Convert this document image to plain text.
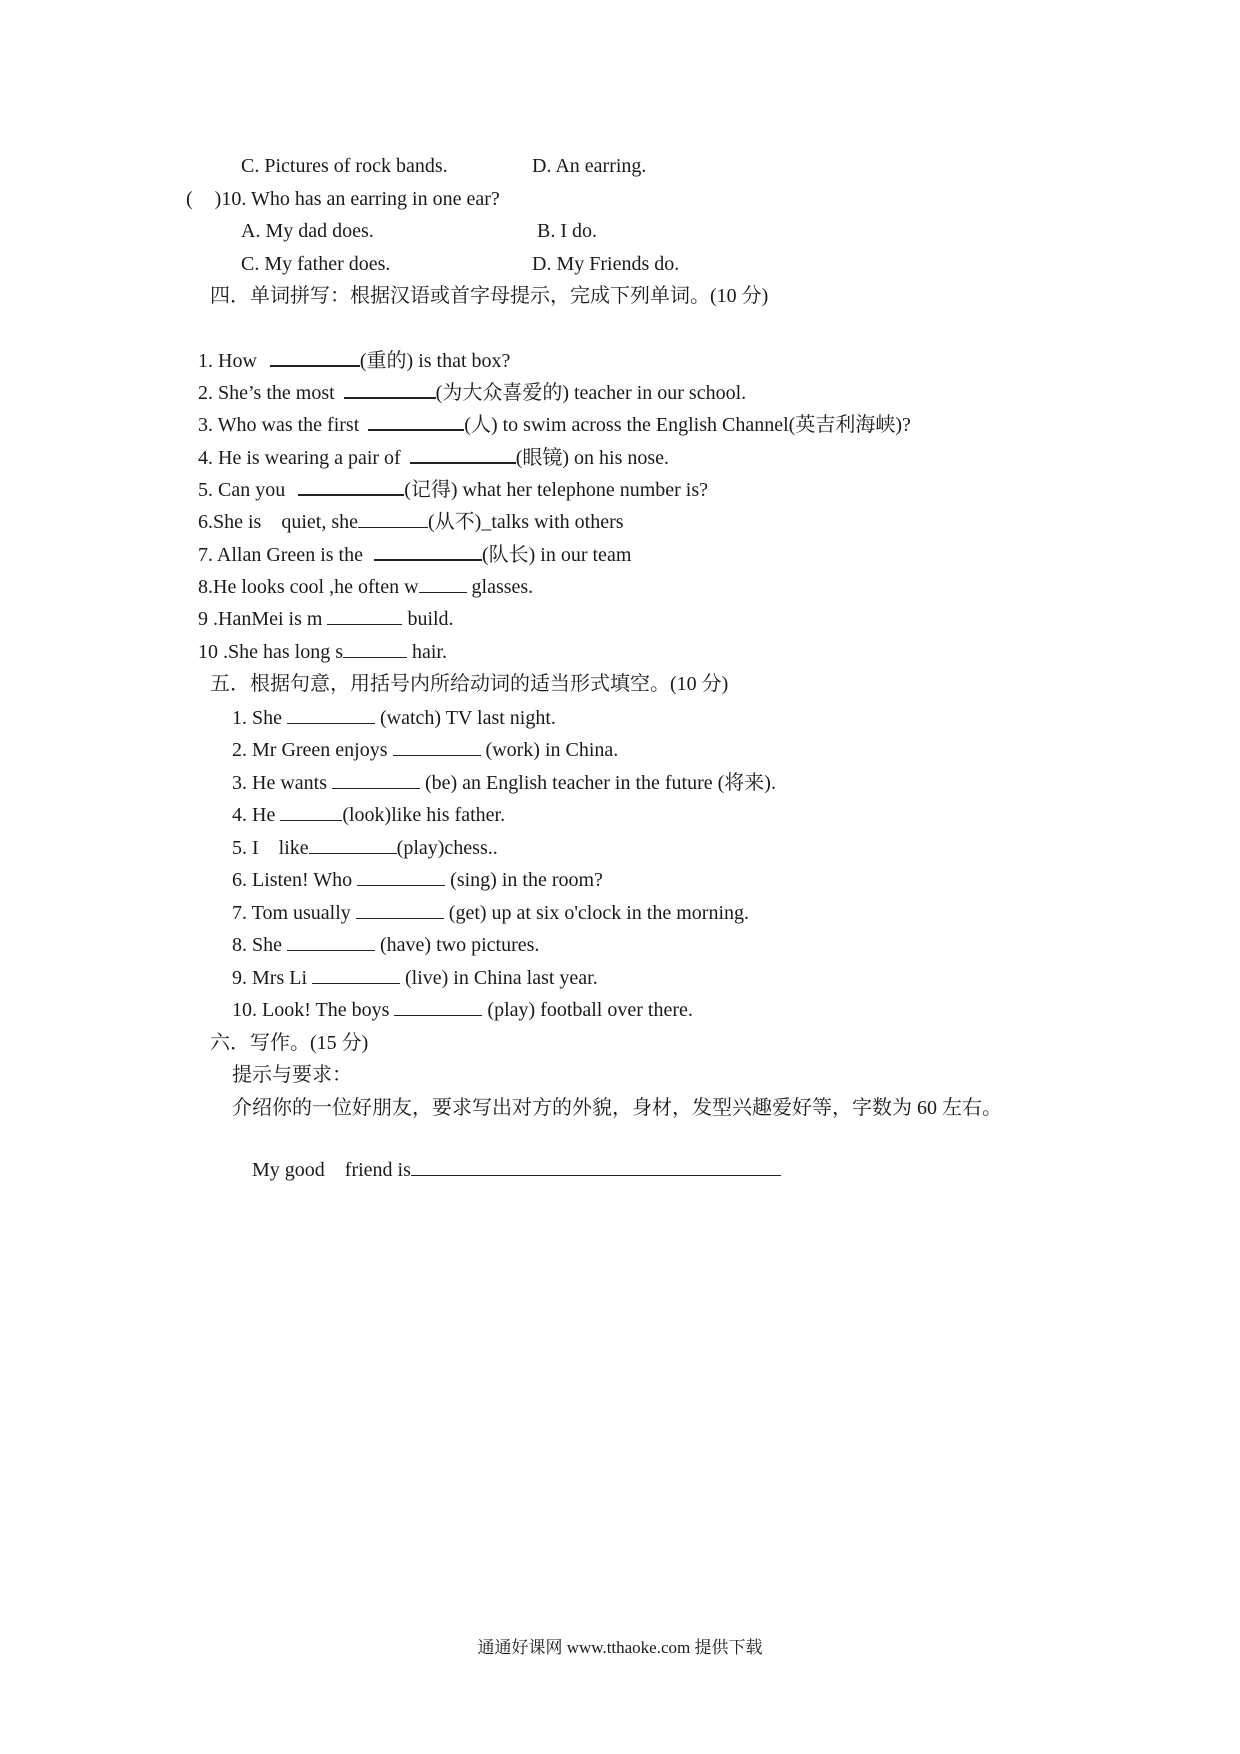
C. Pictures of rock bands.	D. An earring.
( )10. Who has an earring in one ear?
A. My dad does.	B. I do.
C. My father does.	D. My Friends do.
四．单词拼写：根据汉语或首字母提示，完成下列单词。(10 分)
1. How	(重的) is that box?
2. She’s the most	(为大众喜爱的) teacher in our school.
3. Who was the first	(人) to swim across the English Channel(英吉利海峡)?
4. He is wearing a pair of	(眼镜) on his nose.
5. Can you	(记得) what her telephone number is?
6.She is    quiet, she	(从不)_talks with others
7. Allan Green is the	(队长) in our team
8.He looks cool ,he often w glasses.
9 .HanMei is m	build.
10 .She has long s	hair.
五．根据句意，用括号内所给动词的适当形式填空。(10 分)
1. She	(watch) TV last night.
2. Mr Green enjoys	(work) in China.
3. He wants	(be) an English teacher in the future (将来).
4. He	(look)like his father.
5. I    like	(play)chess..
6. Listen! Who	(sing) in the room?
7. Tom usually	(get) up at six o'clock in the morning.
8. She	(have) two pictures.
9. Mrs Li	(live) in China last year.
10. Look! The boys	(play) football over there.
六．写作。(15 分)
提示与要求：
介绍你的一位好朋友，要求写出对方的外貌，身材，发型兴趣爱好等，字数为 60 左右。
My good    friend is
通通好课网 www.tthaoke.com 提供下载
